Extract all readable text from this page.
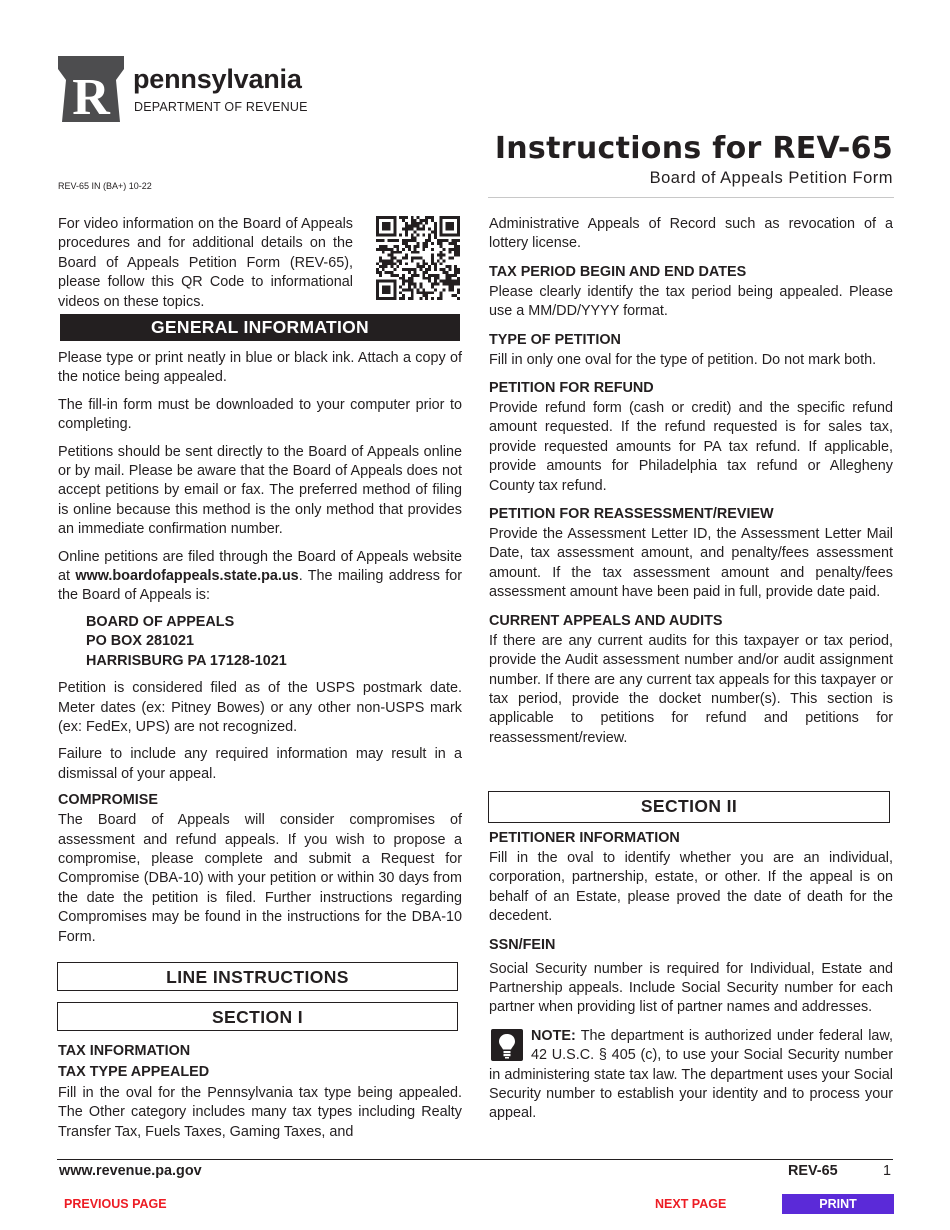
R pennsylvania
DEPARTMENT OF REVENUE
Instructions for REV-65
Board of Appeals Petition Form
REV-65 IN (BA+) 10-22

For video information on the Board of Appeals procedures and for additional details on the Board of Appeals Petition Form (REV-65), please follow this QR Code to informational videos on these topics.

GENERAL INFORMATION

Please type or print neatly in blue or black ink. Attach a copy of the notice being appealed.

The fill-in form must be downloaded to your computer prior to completing.

Petitions should be sent directly to the Board of Appeals online or by mail. Please be aware that the Board of Appeals does not accept petitions by email or fax. The preferred method of filing is online because this method is the only method that provides an immediate confirmation number.

Online petitions are filed through the Board of Appeals website at www.boardofappeals.state.pa.us. The mailing address for the Board of Appeals is:

BOARD OF APPEALS
PO BOX 281021
HARRISBURG PA 17128-1021

Petition is considered filed as of the USPS postmark date. Meter dates (ex: Pitney Bowes) or any other non-USPS mark (ex: FedEx, UPS) are not recognized.

Failure to include any required information may result in a dismissal of your appeal.

COMPROMISE

The Board of Appeals will consider compromises of assessment and refund appeals. If you wish to propose a compromise, please complete and submit a Request for Compromise (DBA-10) with your petition or within 30 days from the date the petition is filed. Further instructions regarding Compromises may be found in the instructions for the DBA-10 Form.

LINE INSTRUCTIONS
SECTION I
TAX INFORMATION
TAX TYPE APPEALED

Fill in the oval for the Pennsylvania tax type being appealed. The Other category includes many tax types including Realty Transfer Tax, Fuels Taxes, Gaming Taxes, and

Administrative Appeals of Record such as revocation of a lottery license.

TAX PERIOD BEGIN AND END DATES

Please clearly identify the tax period being appealed. Please use a MM/DD/YYYY format.

TYPE OF PETITION

Fill in only one oval for the type of petition. Do not mark both.

PETITION FOR REFUND

Provide refund form (cash or credit) and the specific refund amount requested. If the refund requested is for sales tax, provide requested amounts for PA tax refund. If applicable, provide amounts for Philadelphia tax refund or Allegheny County tax refund.

PETITION FOR REASSESSMENT/REVIEW

Provide the Assessment Letter ID, the Assessment Letter Mail Date, tax assessment amount, and penalty/fees assessment amount. If the tax assessment amount and penalty/fees assessment amount have been paid in full, provide date paid.

CURRENT APPEALS AND AUDITS

If there are any current audits for this taxpayer or tax period, provide the Audit assessment number and/or audit assignment number. If there are any current tax appeals for this taxpayer or tax period, provide the docket number(s). This section is applicable to petitions for refund and petitions for reassessment/review.

SECTION II
PETITIONER INFORMATION

Fill in the oval to identify whether you are an individual, corporation, partnership, estate, or other. If the appeal is on behalf of an Estate, please proved the date of death for the decedent.

SSN/FEIN

Social Security number is required for Individual, Estate and Partnership appeals. Include Social Security number for each partner when providing list of partner names and addresses.

NOTE: The department is authorized under federal law, 42 U.S.C. § 405 (c), to use your Social Security number in administering state tax law. The department uses your Social Security number to establish your identity and to process your appeal.

www.revenue.pa.gov	REV-65	1
PREVIOUS PAGE	NEXT PAGE	PRINT
